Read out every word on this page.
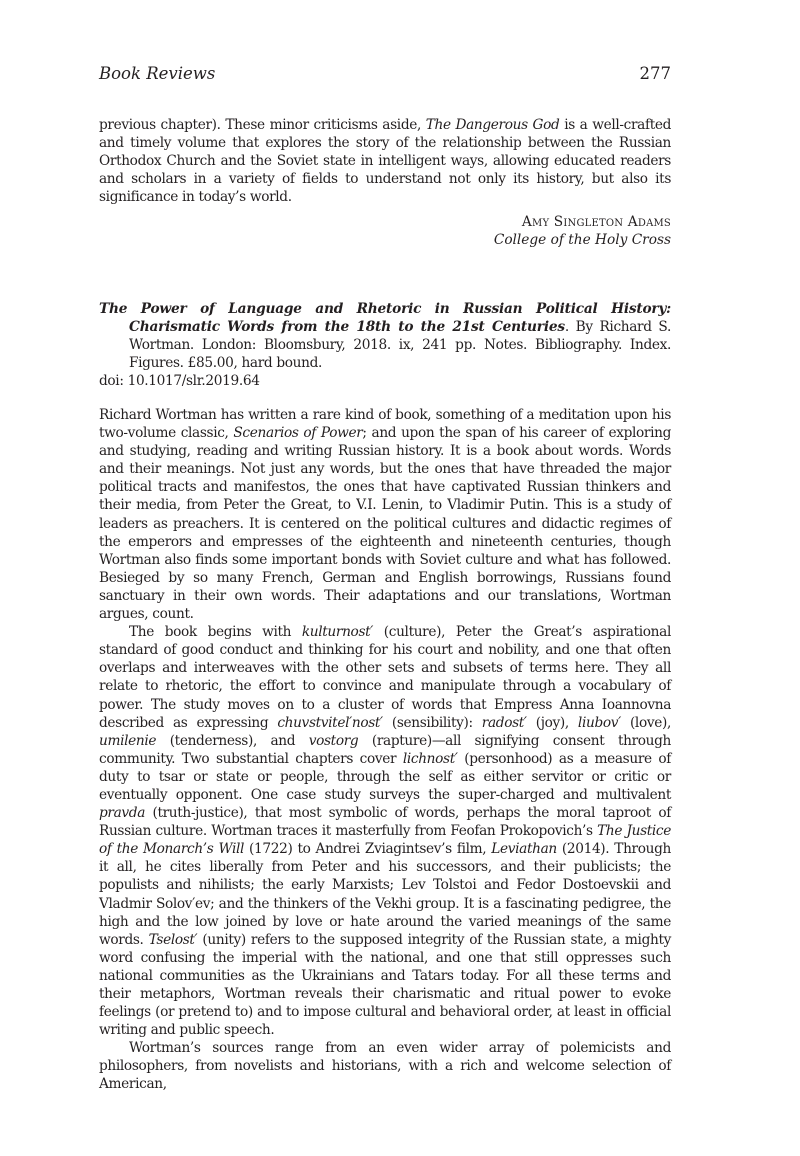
Book Reviews	277
previous chapter). These minor criticisms aside, The Dangerous God is a well-crafted and timely volume that explores the story of the relationship between the Russian Orthodox Church and the Soviet state in intelligent ways, allowing educated readers and scholars in a variety of fields to understand not only its history, but also its significance in today’s world.
Amy Singleton Adams
College of the Holy Cross
The Power of Language and Rhetoric in Russian Political History: Charismatic Words from the 18th to the 21st Centuries. By Richard S. Wortman. London: Bloomsbury, 2018. ix, 241 pp. Notes. Bibliography. Index. Figures. £85.00, hard bound.
doi: 10.1017/slr.2019.64

Richard Wortman has written a rare kind of book, something of a meditation upon his two-volume classic, Scenarios of Power; and upon the span of his career of exploring and studying, reading and writing Russian history. It is a book about words. Words and their meanings. Not just any words, but the ones that have threaded the major political tracts and manifestos, the ones that have captivated Russian thinkers and their media, from Peter the Great, to V.I. Lenin, to Vladimir Putin. This is a study of leaders as preachers. It is centered on the political cultures and didactic regimes of the emperors and empresses of the eighteenth and nineteenth centuries, though Wortman also finds some important bonds with Soviet culture and what has followed. Besieged by so many French, German and English borrowings, Russians found sanctuary in their own words. Their adaptations and our translations, Wortman argues, count.

The book begins with kulturnost′ (culture), Peter the Great’s aspirational standard of good conduct and thinking for his court and nobility, and one that often overlaps and interweaves with the other sets and subsets of terms here. They all relate to rhetoric, the effort to convince and manipulate through a vocabulary of power. The study moves on to a cluster of words that Empress Anna Ioannovna described as expressing chuvstvitel′nost′ (sensibility): radost′ (joy), liubov′ (love), umilenie (tenderness), and vostorg (rapture)—all signifying consent through community. Two substantial chapters cover lichnost′ (personhood) as a measure of duty to tsar or state or people, through the self as either servitor or critic or eventually opponent. One case study surveys the super-charged and multivalent pravda (truth-justice), that most symbolic of words, perhaps the moral taproot of Russian culture. Wortman traces it masterfully from Feofan Prokopovich’s The Justice of the Monarch’s Will (1722) to Andrei Zviagintsev’s film, Leviathan (2014). Through it all, he cites liberally from Peter and his successors, and their publicists; the populists and nihilists; the early Marxists; Lev Tolstoi and Fedor Dostoevskii and Vladmir Solov′ev; and the thinkers of the Vekhi group. It is a fascinating pedigree, the high and the low joined by love or hate around the varied meanings of the same words. Tselost′ (unity) refers to the supposed integrity of the Russian state, a mighty word confusing the imperial with the national, and one that still oppresses such national communities as the Ukrainians and Tatars today. For all these terms and their metaphors, Wortman reveals their charismatic and ritual power to evoke feelings (or pretend to) and to impose cultural and behavioral order, at least in official writing and public speech.

Wortman’s sources range from an even wider array of polemicists and philosophers, from novelists and historians, with a rich and welcome selection of American,
